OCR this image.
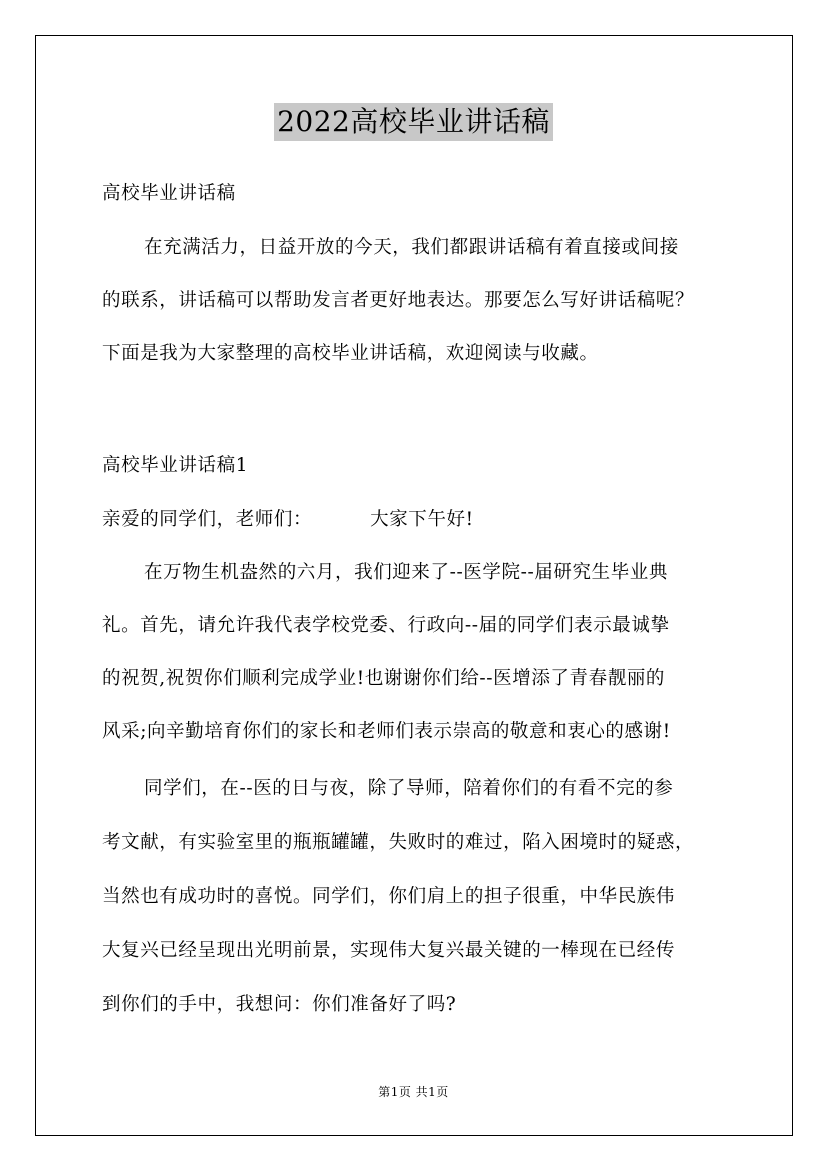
2022高校毕业讲话稿
高校毕业讲话稿
在充满活力，日益开放的今天，我们都跟讲话稿有着直接或间接
的联系，讲话稿可以帮助发言者更好地表达。那要怎么写好讲话稿呢？
下面是我为大家整理的高校毕业讲话稿，欢迎阅读与收藏。
高校毕业讲话稿1
亲爱的同学们，老师们：	大家下午好!
在万物生机盎然的六月，我们迎来了--医学院--届研究生毕业典
礼。首先，请允许我代表学校党委、行政向--届的同学们表示最诚挚
的祝贺,祝贺你们顺利完成学业!也谢谢你们给--医增添了青春靓丽的
风采;向辛勤培育你们的家长和老师们表示崇高的敬意和衷心的感谢!
同学们，在--医的日与夜，除了导师，陪着你们的有看不完的参
考文献，有实验室里的瓶瓶罐罐，失败时的难过，陷入困境时的疑惑，
当然也有成功时的喜悦。同学们，你们肩上的担子很重，中华民族伟
大复兴已经呈现出光明前景，实现伟大复兴最关键的一棒现在已经传
到你们的手中，我想问：你们准备好了吗?
第1页 共1页
